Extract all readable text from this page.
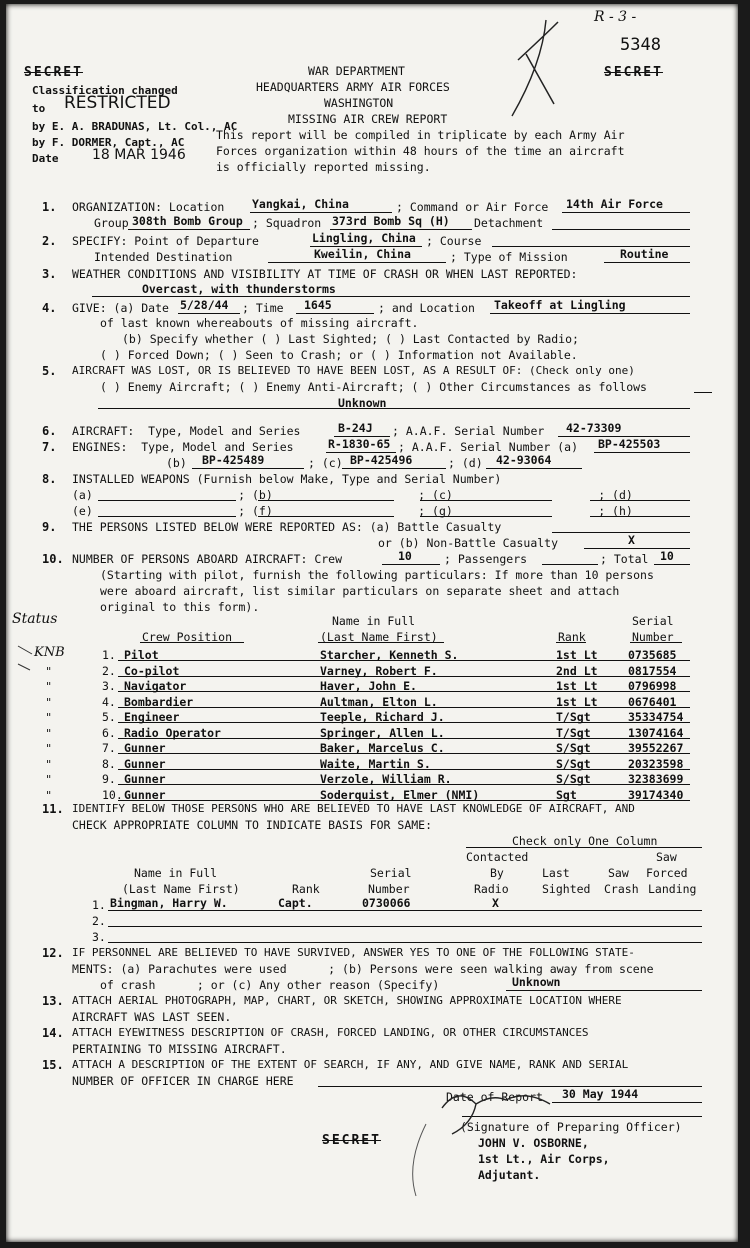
R - 3 -
5348
SECRET	SECRET
Classification changed
to RESTRICTED
by E. A. BRADUNAS, Lt. Col., AC
by F. DORMER, Capt., AC
Date 18 MAR 1946
WAR DEPARTMENT
HEADQUARTERS ARMY AIR FORCES
WASHINGTON
MISSING AIR CREW REPORT
This report will be compiled in triplicate by each Army Air
Forces organization within 48 hours of the time an aircraft
is officially reported missing.
1. ORGANIZATION: Location Yangkai, China	; Command or Air Force 14th Air Force
Group 308th Bomb Group ; Squadron 373rd Bomb Sq (H) Detachment
2. SPECIFY: Point of Departure	Lingling, China ; Course
Intended Destination	Kweilin, China	; Type of Mission	Routine
3. WEATHER CONDITIONS AND VISIBILITY AT TIME OF CRASH OR WHEN LAST REPORTED:
Overcast, with thunderstorms
4. GIVE: (a) Date 5/28/44 ; Time 1645	; and Location Takeoff at Lingling
of last known whereabouts of missing aircraft.
(b) Specify whether ( ) Last Sighted; ( ) Last Contacted by Radio;
( ) Forced Down; ( ) Seen to Crash; or ( ) Information not Available.
5. AIRCRAFT WAS LOST, OR IS BELIEVED TO HAVE BEEN LOST, AS A RESULT OF: (Check only one)
( ) Enemy Aircraft; ( ) Enemy Anti-Aircraft; ( ) Other Circumstances as follows
Unknown
6. AIRCRAFT:  Type, Model and Series	B-24J ; A.A.F. Serial Number 42-73309
7. ENGINES:  Type, Model and Series	R-1830-65 ; A.A.F. Serial Number (a) BP-425503
(b) BP-425489	; (c) BP-425496	; (d) 42-93064
8. INSTALLED WEAPONS (Furnish below Make, Type and Serial Number)
(a)                     ; (b)                     ; (c)                     ; (d)
(e)                     ; (f)                     ; (g)                     ; (h)
9. THE PERSONS LISTED BELOW WERE REPORTED AS: (a) Battle Casualty
or (b) Non-Battle Casualty	X
10. NUMBER OF PERSONS ABOARD AIRCRAFT: Crew	10	; Passengers	; Total 10
(Starting with pilot, furnish the following particulars: If more than 10 persons
were aboard aircraft, list similar particulars on separate sheet and attach
original to this form).
Status	Name in Full	Serial
Crew Position	(Last Name First)	Rank	Number
KNB	1. Pilot	Starcher, Kenneth S.	1st Lt	0735685
2. Co-pilot	Varney, Robert F.	2nd Lt	0817554
"
3. Navigator	Haver, John E.	1st Lt	0796998
"
4. Bombardier	Aultman, Elton L.	1st Lt	0676401
"
5. Engineer	Teeple, Richard J.	T/Sgt	35334754
"
6. Radio Operator	Springer, Allen L.	T/Sgt	13074164
"
7. Gunner	Baker, Marcelus C.	S/Sgt	39552267
"
8. Gunner	Waite, Martin S.	S/Sgt	20323598
"
9. Gunner	Verzole, William R.	S/Sgt	32383699
"
10. Gunner	Soderquist, Elmer (NMI)	Sgt	39174340
"
11. IDENTIFY BELOW THOSE PERSONS WHO ARE BELIEVED TO HAVE LAST KNOWLEDGE OF AIRCRAFT, AND
CHECK APPROPRIATE COLUMN TO INDICATE BASIS FOR SAME:
Check only One Column
Contacted	Saw
Name in Full	Serial	By	Last	Saw Forced
(Last Name First)	Rank	Number	Radio	Sighted Crash Landing
1. Bingman, Harry W.	Capt.	0730066	X
2.
3.
12. IF PERSONNEL ARE BELIEVED TO HAVE SURVIVED, ANSWER YES TO ONE OF THE FOLLOWING STATE-
MENTS: (a) Parachutes were used      ; (b) Persons were seen walking away from scene
of crash      ; or (c) Any other reason (Specify)	Unknown
13. ATTACH AERIAL PHOTOGRAPH, MAP, CHART, OR SKETCH, SHOWING APPROXIMATE LOCATION WHERE
AIRCRAFT WAS LAST SEEN.
14. ATTACH EYEWITNESS DESCRIPTION OF CRASH, FORCED LANDING, OR OTHER CIRCUMSTANCES
PERTAINING TO MISSING AIRCRAFT.
15. ATTACH A DESCRIPTION OF THE EXTENT OF SEARCH, IF ANY, AND GIVE NAME, RANK AND SERIAL
NUMBER OF OFFICER IN CHARGE HERE
Date of Report 30 May 1944
(Signature of Preparing Officer)
JOHN V. OSBORNE,
1st Lt., Air Corps,
Adjutant.
SECRET
